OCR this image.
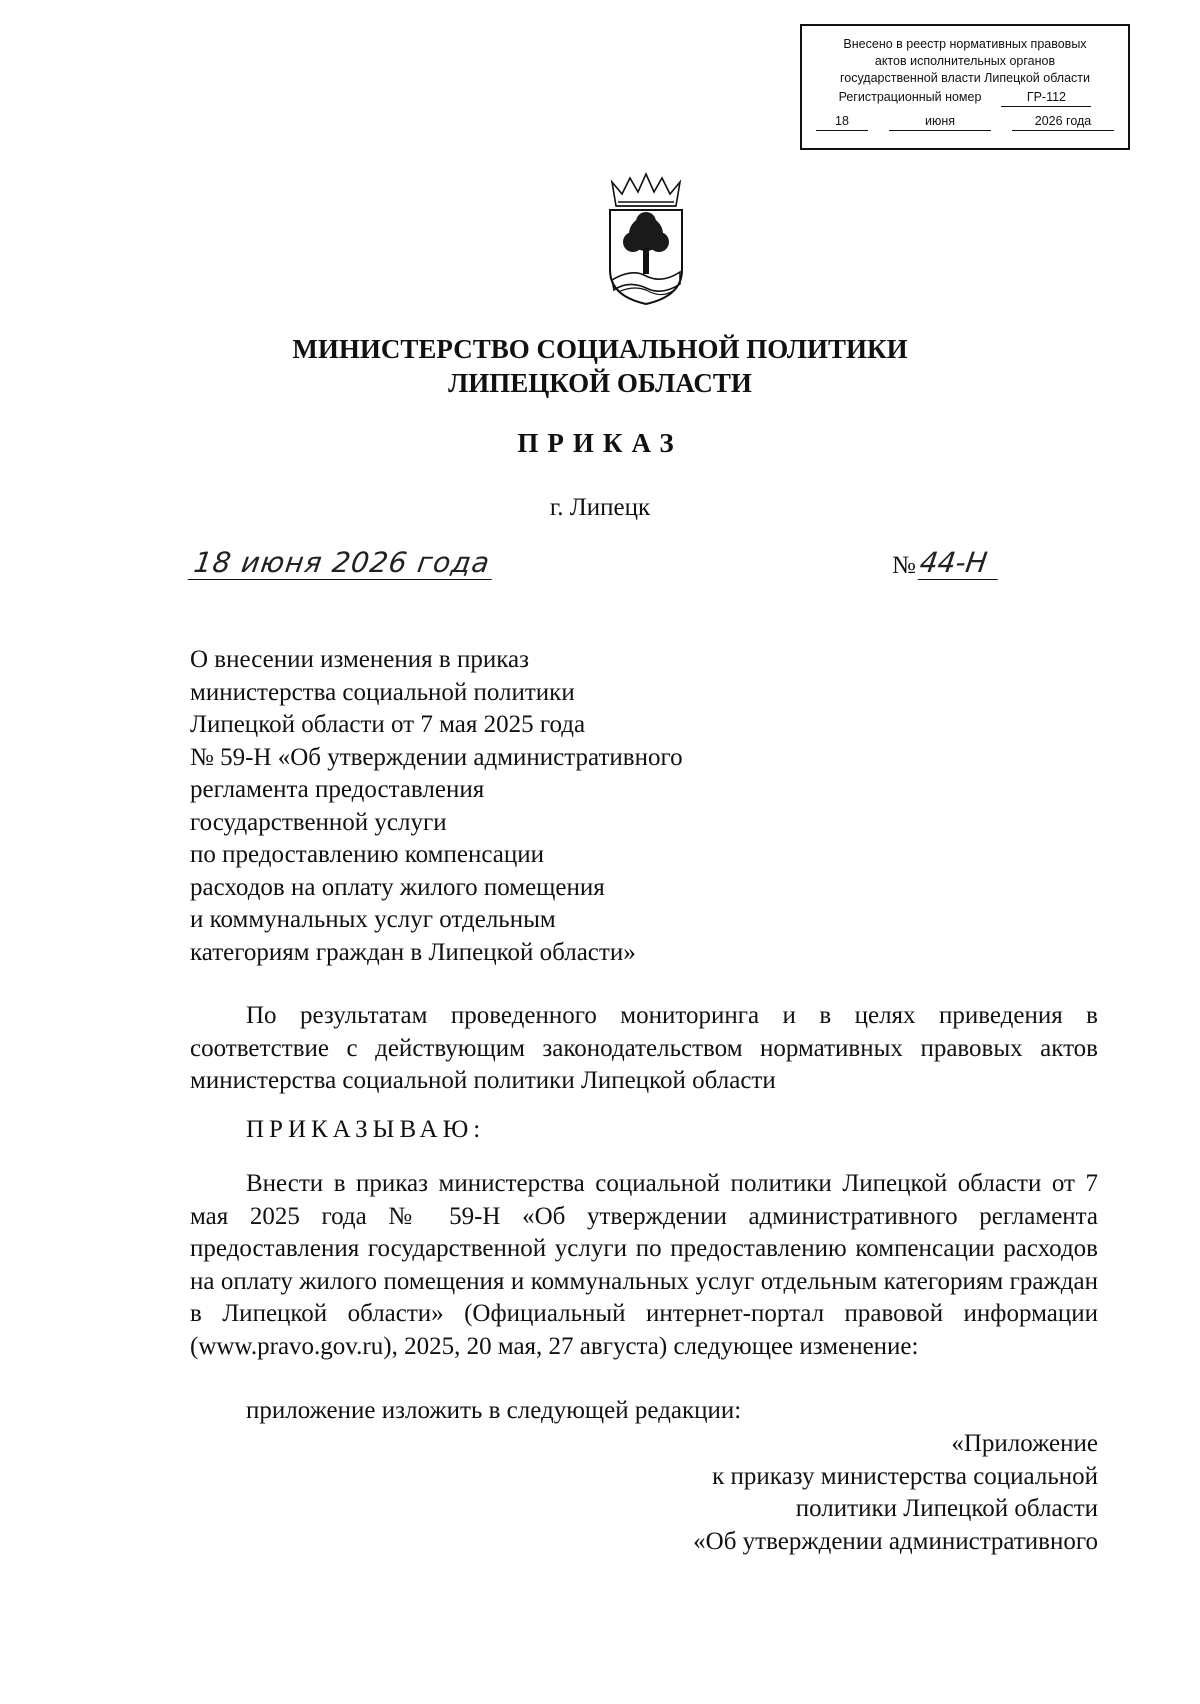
Внесено в реестр нормативных правовых
актов исполнительных органов
государственной власти Липецкой области
Регистрационный номер	ГР-112
18	июня	2026 года
МИНИСТЕРСТВО СОЦИАЛЬНОЙ ПОЛИТИКИ
ЛИПЕЦКОЙ ОБЛАСТИ
ПРИКАЗ
г. Липецк
18 июня 2026 года	№ 44-Н
О внесении изменения в приказ
министерства социальной политики
Липецкой области от 7 мая 2025 года
№ 59-Н «Об утверждении административного
регламента предоставления
государственной услуги
по предоставлению компенсации
расходов на оплату жилого помещения
и коммунальных услуг отдельным
категориям граждан в Липецкой области»
По результатам проведенного мониторинга и в целях приведения в соответствие с действующим законодательством нормативных правовых актов министерства социальной политики Липецкой области
ПРИКАЗЫВАЮ:
Внести в приказ министерства социальной политики Липецкой области от 7 мая 2025 года № 59-Н «Об утверждении административного регламента предоставления государственной услуги по предоставлению компенсации расходов на оплату жилого помещения и коммунальных услуг отдельным категориям граждан в Липецкой области» (Официальный интернет-портал правовой информации (www.pravo.gov.ru), 2025, 20 мая, 27 августа) следующее изменение:
приложение изложить в следующей редакции:
«Приложение
к приказу министерства социальной
политики Липецкой области
«Об утверждении административного
